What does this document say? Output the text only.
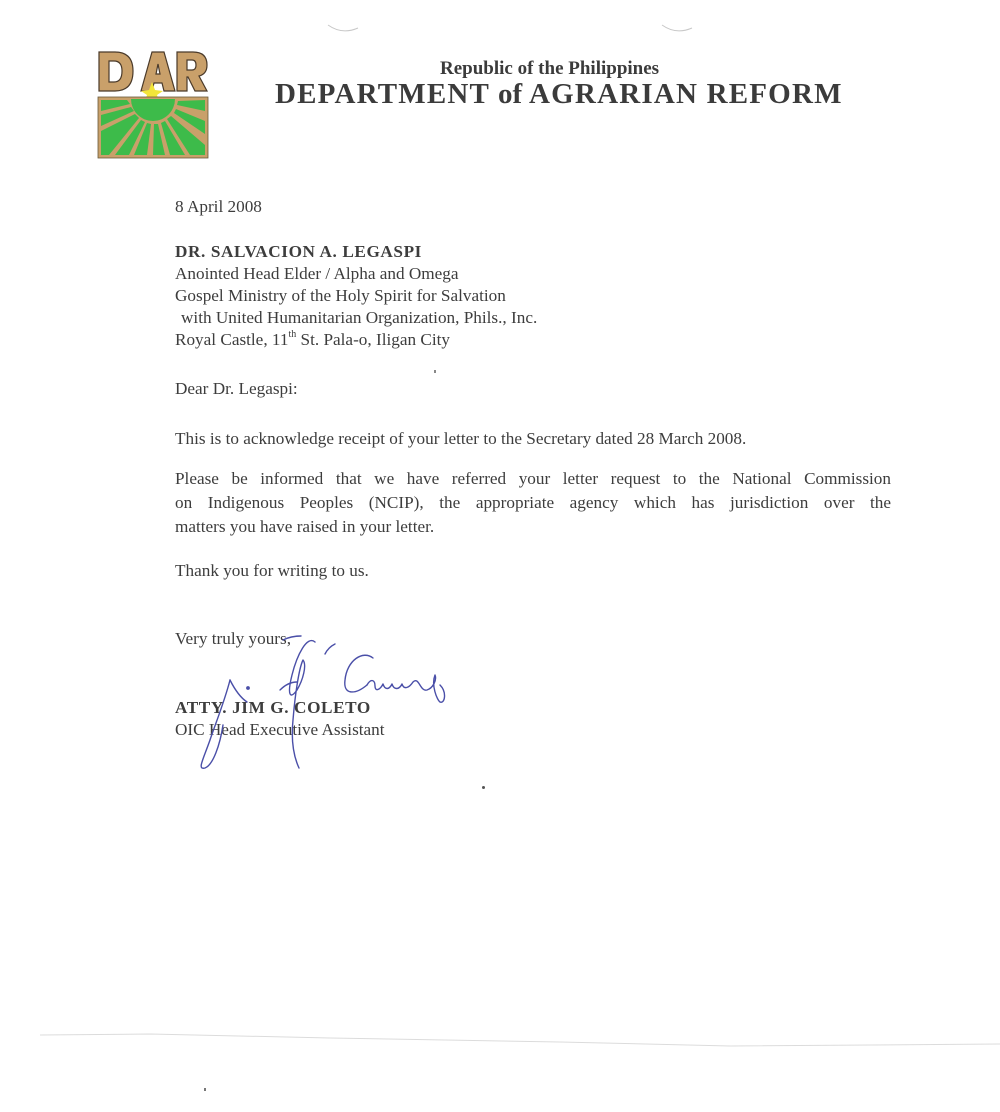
Republic of the Philippines
DEPARTMENT of AGRARIAN REFORM
8 April 2008
DR. SALVACION A. LEGASPI
Anointed Head Elder / Alpha and Omega
Gospel Ministry of the Holy Spirit for Salvation
with United Humanitarian Organization, Phils., Inc.
Royal Castle, 11th St. Pala-o, Iligan City
Dear Dr. Legaspi:
This is to acknowledge receipt of your letter to the Secretary dated 28 March 2008.
Please be informed that we have referred your letter request to the National Commission
on Indigenous Peoples (NCIP), the appropriate agency which has jurisdiction over the
matters you have raised in your letter.
Thank you for writing to us.
Very truly yours,
ATTY. JIM G. COLETO
OIC Head Executive Assistant
